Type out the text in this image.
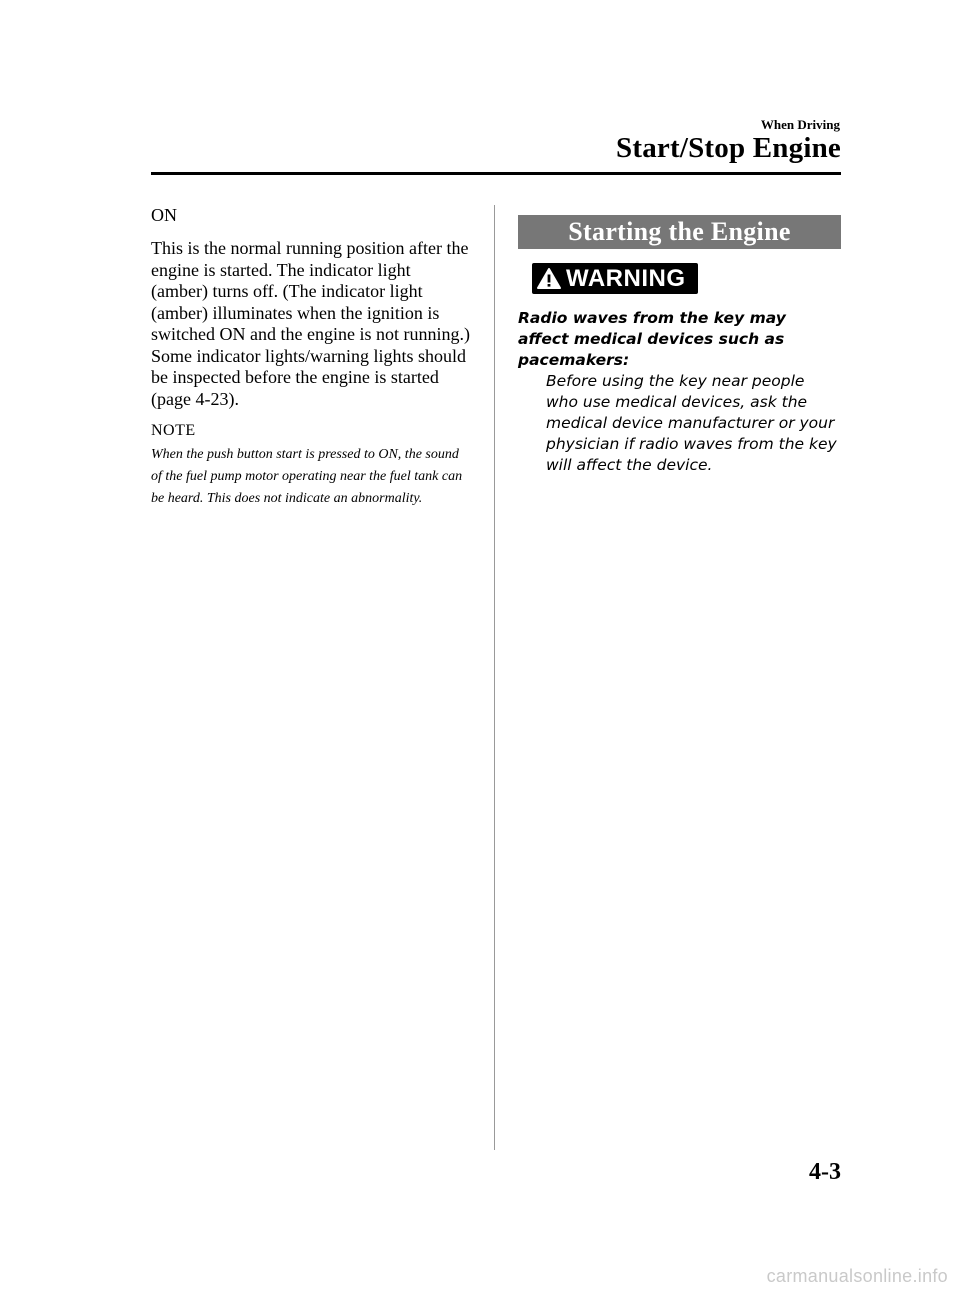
When Driving

Start/Stop Engine

ON

This is the normal running position after the engine is started. The indicator light (amber) turns off. (The indicator light (amber) illuminates when the ignition is switched ON and the engine is not running.)

Some indicator lights/warning lights should be inspected before the engine is started (page 4-23).

NOTE

When the push button start is pressed to ON, the sound of the fuel pump motor operating near the fuel tank can be heard. This does not indicate an abnormality.

Starting the Engine
WARNING

Radio waves from the key may affect medical devices such as pacemakers:

Before using the key near people who use medical devices, ask the medical device manufacturer or your physician if radio waves from the key will affect the device.

4-3

carmanualsonline.info
